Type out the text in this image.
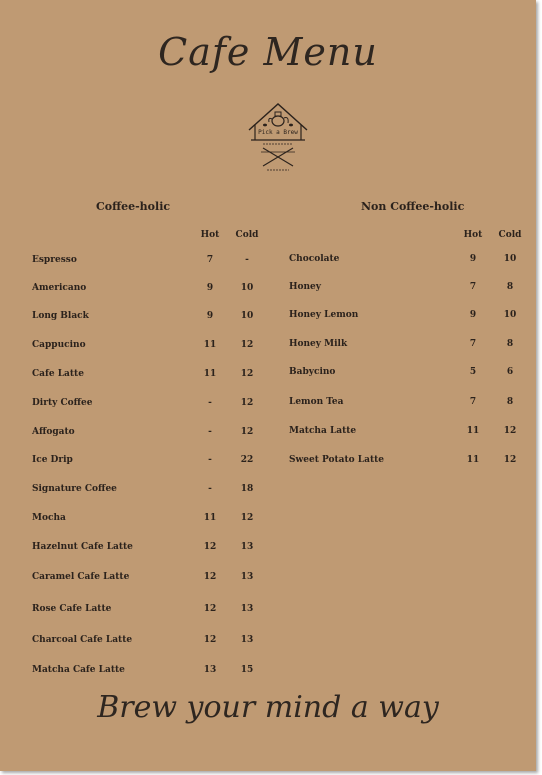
Cafe Menu
Pick a Brew
Coffee-holic
Hot	Cold
Espresso	7	-
Americano	9	10
Long Black	9	10
Cappucino	11	12
Cafe Latte	11	12
Dirty Coffee	-	12
Affogato	-	12
Ice Drip	-	22
Signature Coffee	-	18
Mocha	11	12
Hazelnut Cafe Latte	12	13
Caramel Cafe Latte	12	13
Rose Cafe Latte	12	13
Charcoal Cafe Latte	12	13
Matcha Cafe Latte	13	15
Non Coffee-holic
Hot	Cold
Chocolate	9	10
Honey	7	8
Honey Lemon	9	10
Honey Milk	7	8
Babycino	5	6
Lemon Tea	7	8
Matcha Latte	11	12
Sweet Potato Latte	11	12
Brew your mind a way
